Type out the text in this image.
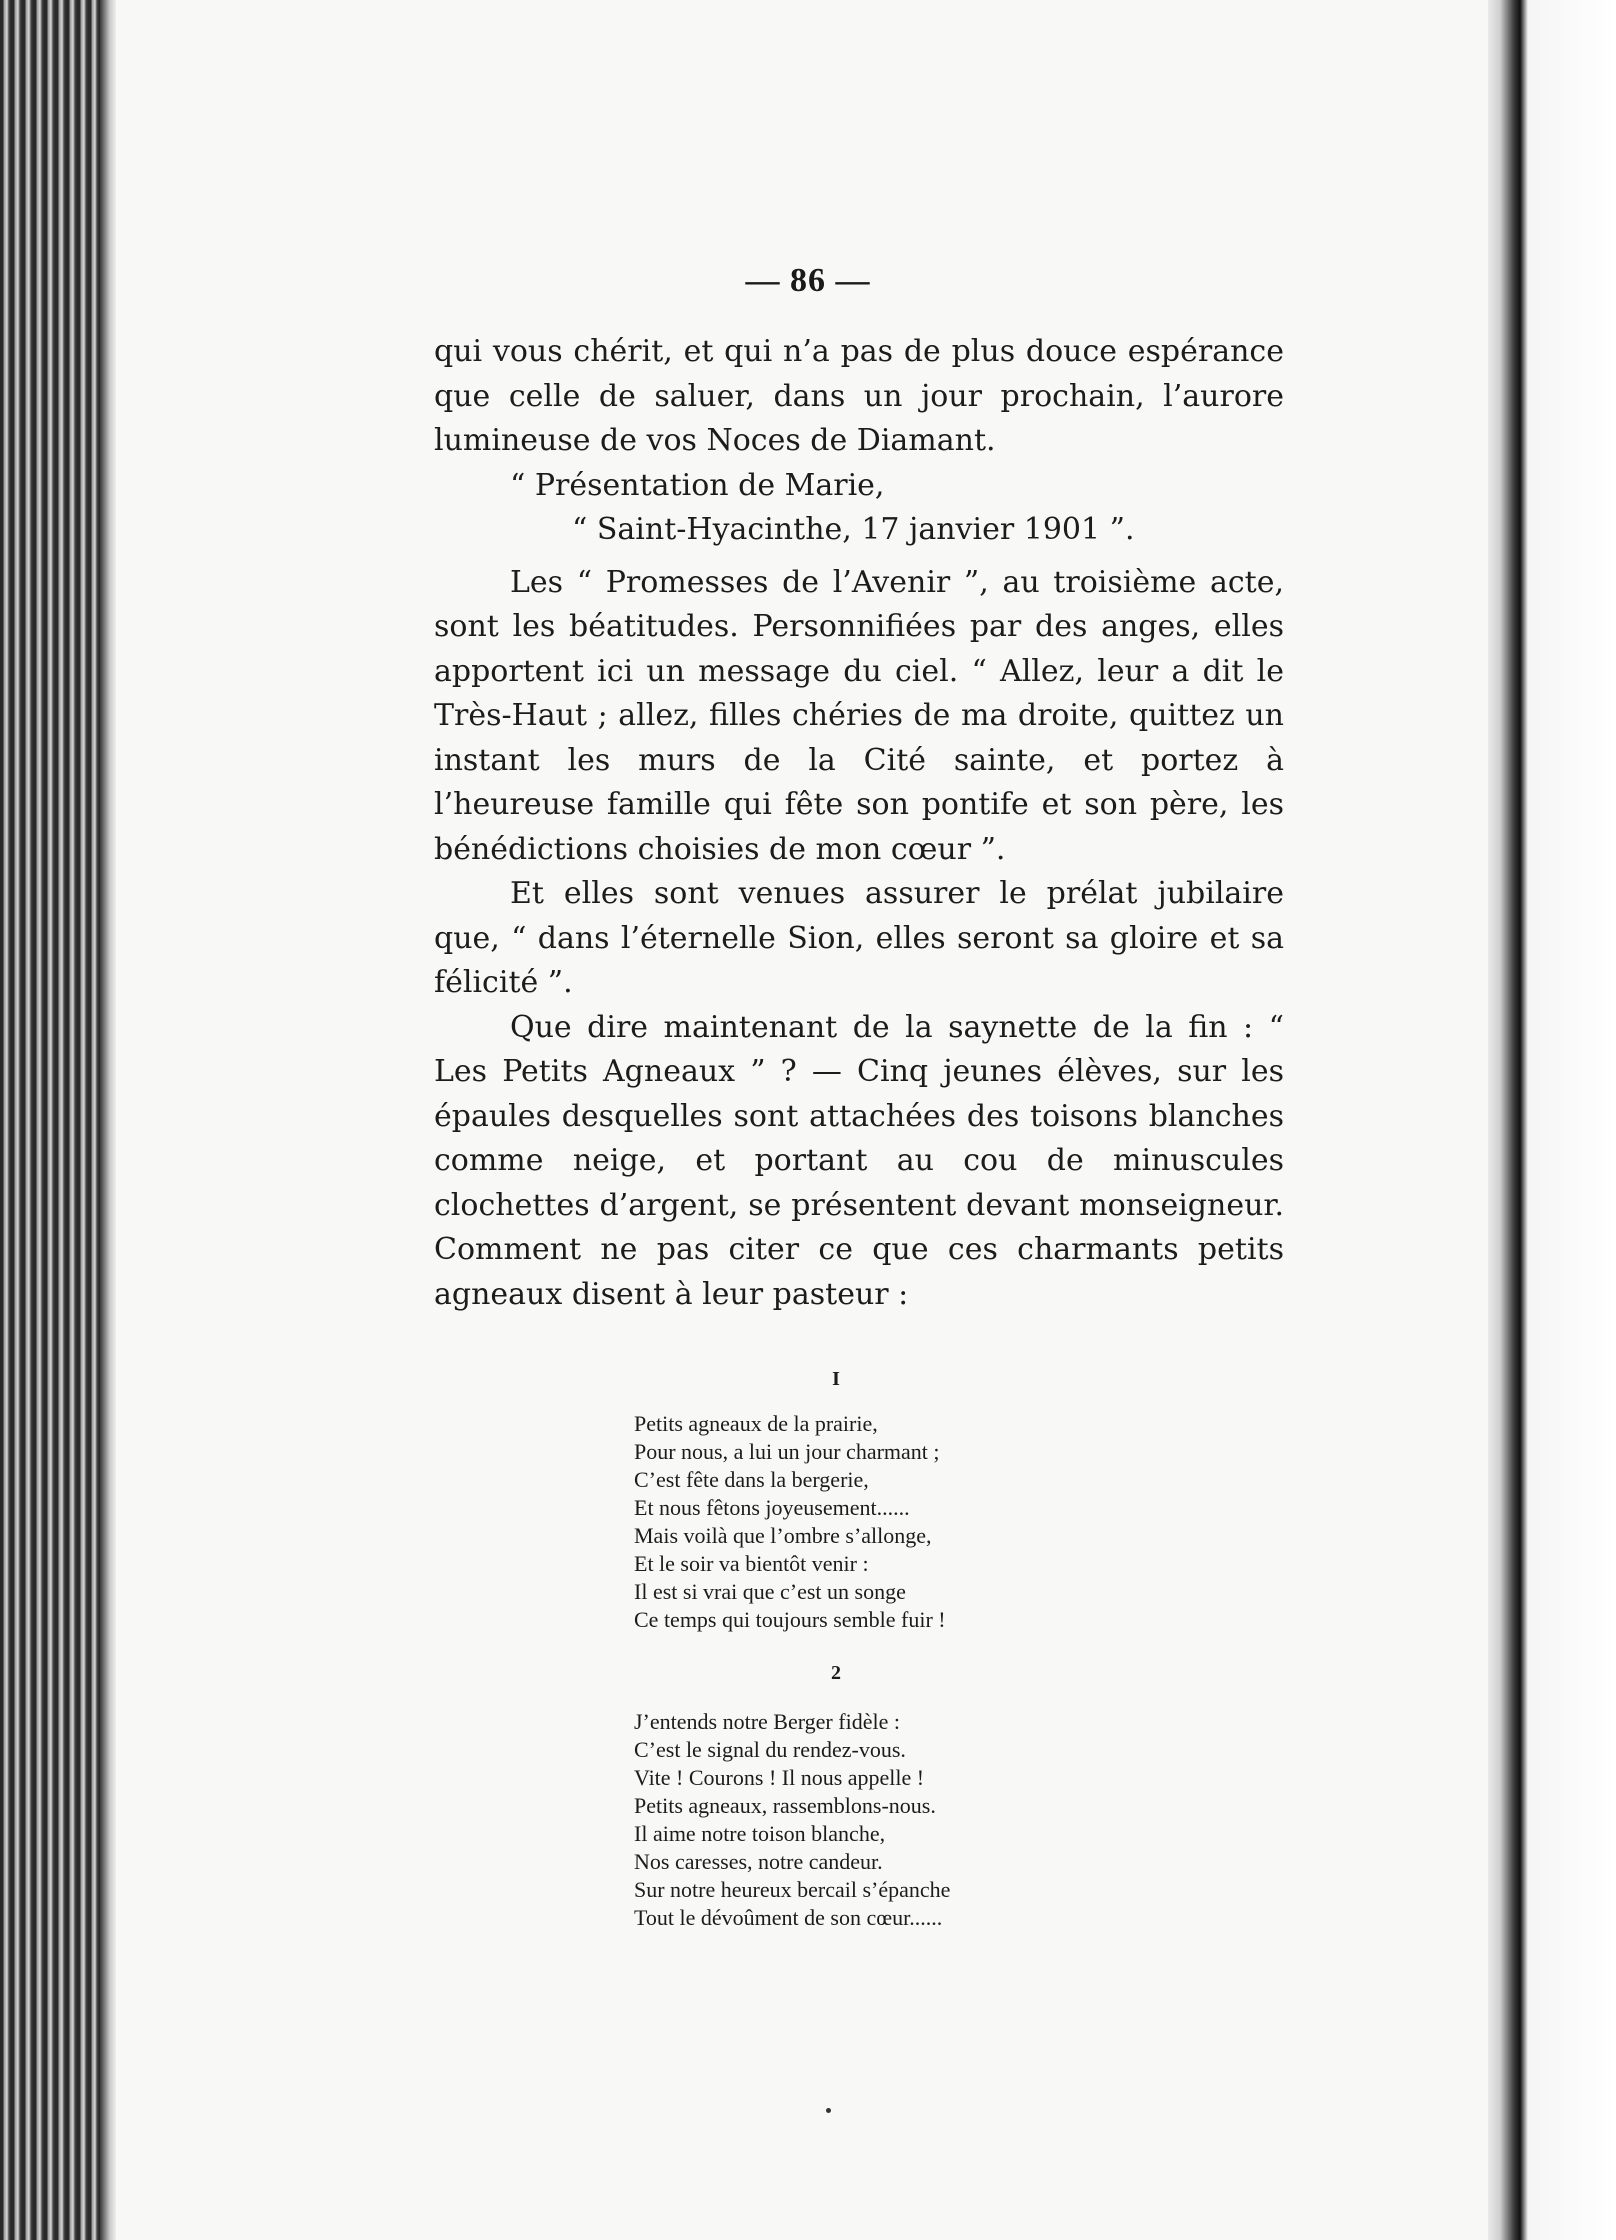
— 86 —

qui vous chérit, et qui n’a pas de plus douce espérance que celle de saluer, dans un jour prochain, l’aurore lumineuse de vos Noces de Diamant.

“ Présentation de Marie,
“ Saint-Hyacinthe, 17 janvier 1901 ”.

Les “ Promesses de l’Avenir ”, au troisième acte, sont les béatitudes. Personnifiées par des anges, elles apportent ici un message du ciel. “ Allez, leur a dit le Très-Haut ; allez, filles chéries de ma droite, quittez un instant les murs de la Cité sainte, et portez à l’heureuse famille qui fête son pontife et son père, les bénédictions choisies de mon cœur ”.

Et elles sont venues assurer le prélat jubilaire que, “ dans l’éternelle Sion, elles seront sa gloire et sa félicité ”.

Que dire maintenant de la saynette de la fin : “ Les Petits Agneaux ” ? — Cinq jeunes élèves, sur les épaules desquelles sont attachées des toisons blanches comme neige, et portant au cou de minuscules clochettes d’argent, se présentent devant monseigneur. Comment ne pas citer ce que ces charmants petits agneaux disent à leur pasteur :

I
Petits agneaux de la prairie,
Pour nous, a lui un jour charmant ;
C’est fête dans la bergerie,
Et nous fêtons joyeusement......
Mais voilà que l’ombre s’allonge,
Et le soir va bientôt venir :
Il est si vrai que c’est un songe
Ce temps qui toujours semble fuir !
2
J’entends notre Berger fidèle :
C’est le signal du rendez-vous.
Vite ! Courons ! Il nous appelle !
Petits agneaux, rassemblons-nous.
Il aime notre toison blanche,
Nos caresses, notre candeur.
Sur notre heureux bercail s’épanche
Tout le dévoûment de son cœur......
